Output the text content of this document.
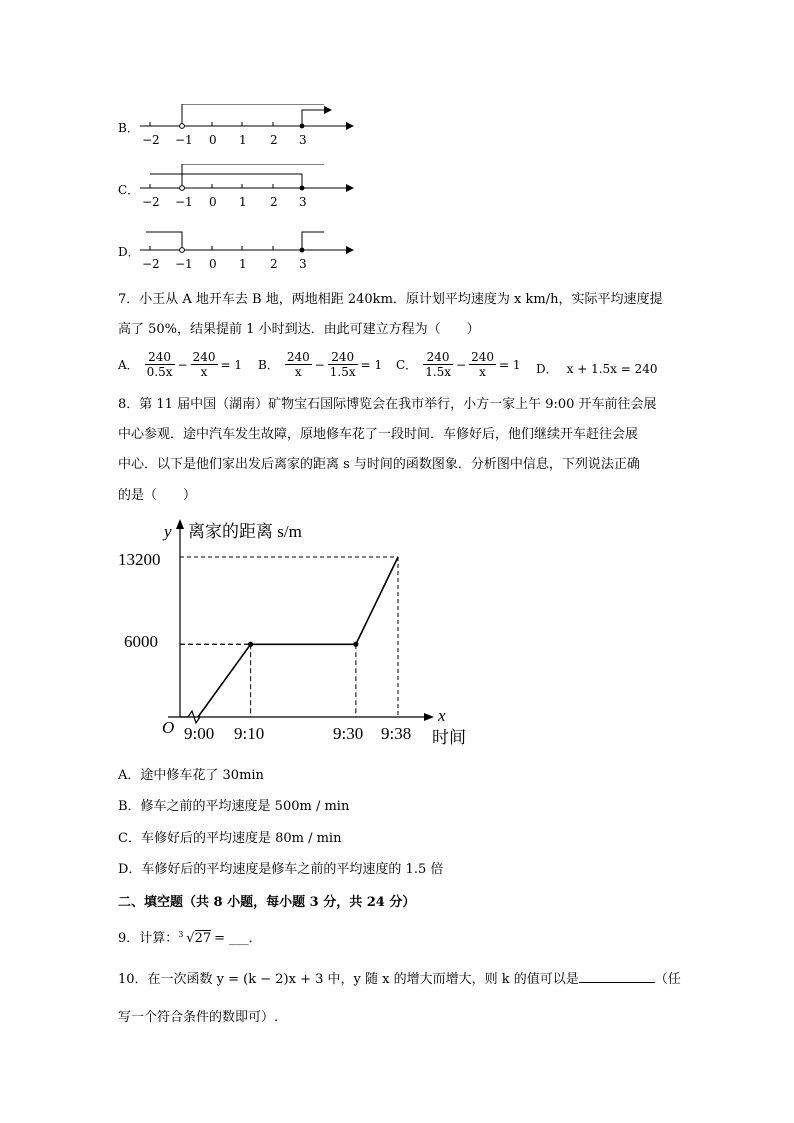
B．
−2 −1 0 1 2 3
C．
−2 −1 0 1 2 3
D．
−2 −1 0 1 2 3
7．小王从 A 地开车去 B 地，两地相距 240km．原计划平均速度为 x km/h，实际平均速度提
高了 50%，结果提前 1 小时到达．由此可建立方程为（　　）
A． $\frac{240}{0.5x} - \frac{240}{x} = 1$ B． $\frac{240}{x} - \frac{240}{1.5x} = 1$ C． $\frac{240}{1.5x} - \frac{240}{x} = 1$ D． x + 1.5x = 240
8．第 11 届中国（湖南）矿物宝石国际博览会在我市举行，小方一家上午 9:00 开车前往会展
中心参观．途中汽车发生故障，原地修车花了一段时间．车修好后，他们继续开车赶往会展
中心．以下是他们家出发后离家的距离 s 与时间的函数图象．分析图中信息，下列说法正确
的是（　　）
y 离家的距离 s/m
x
时间
O
6000
13200
9:00 9:10	9:30 9:38
A．途中修车花了 30min
B．修车之前的平均速度是 500m / min
C．车修好后的平均速度是 80m / min
D．车修好后的平均速度是修车之前的平均速度的 1.5 倍
二、填空题（共 8 小题，每小题 3 分，共 24 分）
9．计算： 3 √27 = ___．
10．在一次函数 y = (k − 2)x + 3 中，y 随 x 的增大而增大，则 k 的值可以是	（任
写一个符合条件的数即可）.
